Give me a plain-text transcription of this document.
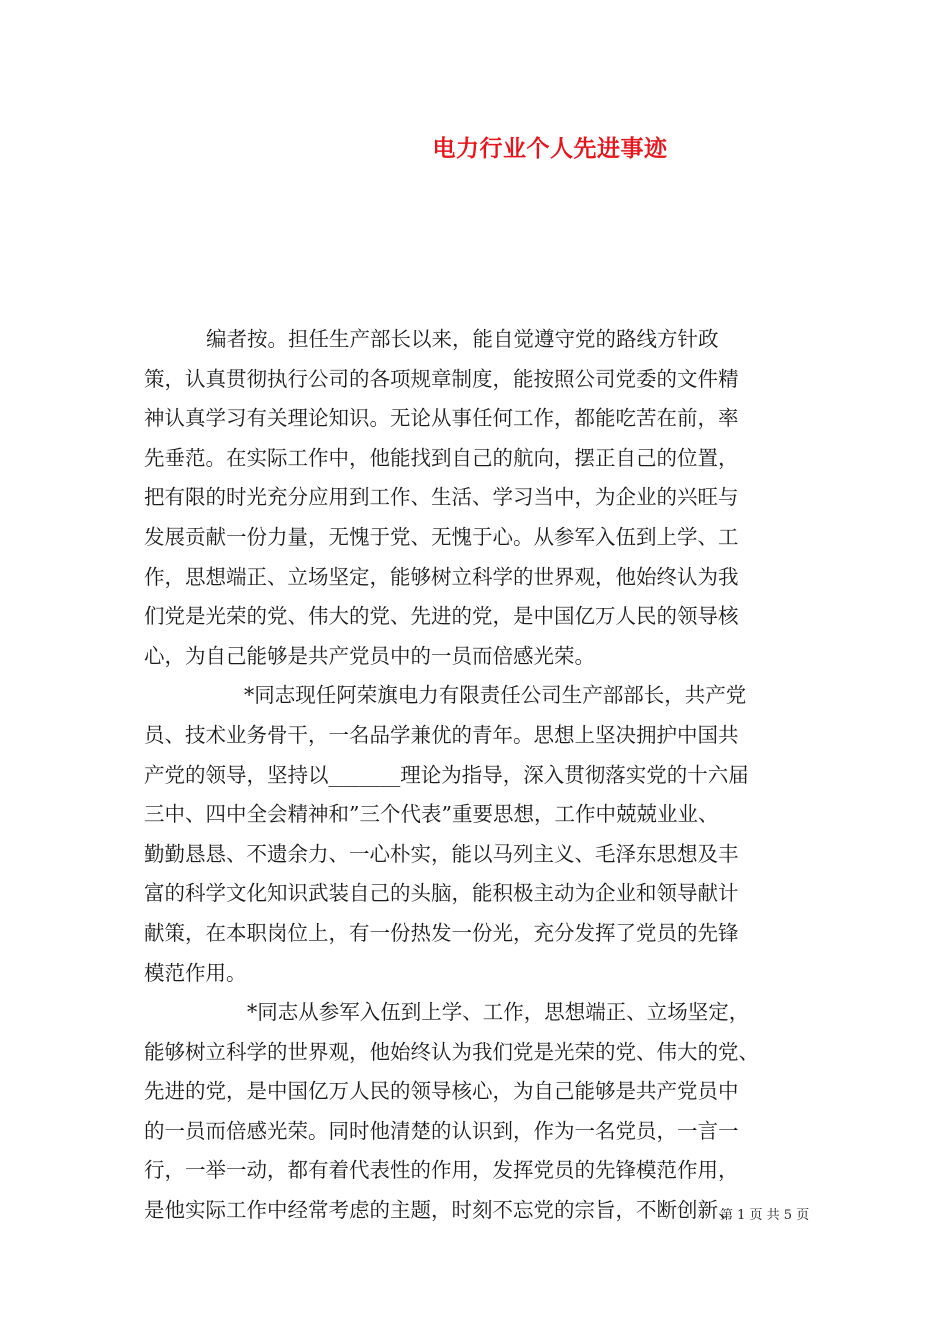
电力行业个人先进事迹
编者按。担任生产部长以来，能自觉遵守党的路线方针政
策，认真贯彻执行公司的各项规章制度，能按照公司党委的文件精
神认真学习有关理论知识。无论从事任何工作，都能吃苦在前，率
先垂范。在实际工作中，他能找到自己的航向，摆正自己的位置，
把有限的时光充分应用到工作、生活、学习当中，为企业的兴旺与
发展贡献一份力量，无愧于党、无愧于心。从参军入伍到上学、工
作，思想端正、立场坚定，能够树立科学的世界观，他始终认为我
们党是光荣的党、伟大的党、先进的党，是中国亿万人民的领导核
心，为自己能够是共产党员中的一员而倍感光荣。
*同志现任阿荣旗电力有限责任公司生产部部长，共产党
员、技术业务骨干，一名品学兼优的青年。思想上坚决拥护中国共
产党的领导，坚持以_______理论为指导，深入贯彻落实党的十六届
三中、四中全会精神和”三个代表”重要思想，工作中兢兢业业、
勤勤恳恳、不遗余力、一心朴实，能以马列主义、毛泽东思想及丰
富的科学文化知识武装自己的头脑，能积极主动为企业和领导献计
献策，在本职岗位上，有一份热发一份光，充分发挥了党员的先锋
模范作用。
*同志从参军入伍到上学、工作，思想端正、立场坚定，
能够树立科学的世界观，他始终认为我们党是光荣的党、伟大的党、
先进的党，是中国亿万人民的领导核心，为自己能够是共产党员中
的一员而倍感光荣。同时他清楚的认识到，作为一名党员，一言一
行，一举一动，都有着代表性的作用，发挥党员的先锋模范作用，
是他实际工作中经常考虑的主题，时刻不忘党的宗旨，不断创新、
第 1 页 共 5 页
